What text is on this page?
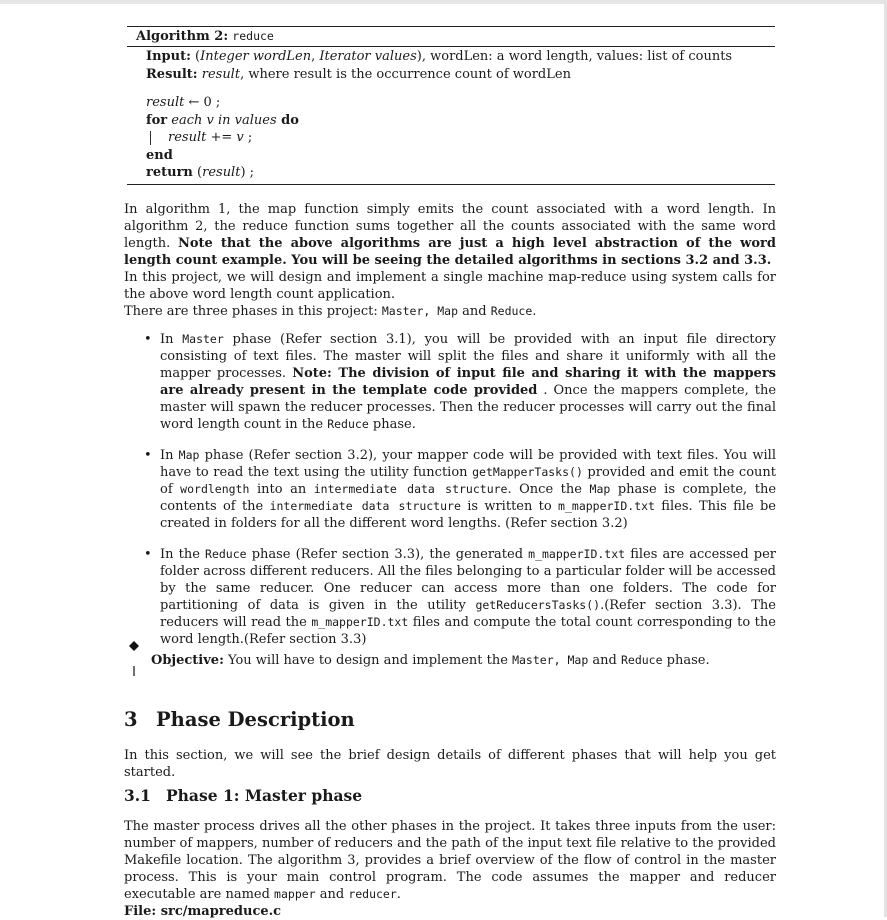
Algorithm 2: reduce
Input: (Integer wordLen, Iterator values), wordLen: a word length, values: list of counts
Result: result, where result is the occurrence count of wordLen
result ← 0 ;
for each v in values do
result += v ;
end
return (result) ;

In algorithm 1, the map function simply emits the count associated with a word length. In algorithm 2, the reduce function sums together all the counts associated with the same word length. Note that the above algorithms are just a high level abstraction of the word length count example. You will be seeing the detailed algorithms in sections 3.2 and 3.3.

In this project, we will design and implement a single machine map-reduce using system calls for the above word length count application.

There are three phases in this project: Master, Map and Reduce.

• In Master phase (Refer section 3.1), you will be provided with an input file directory consisting of text files. The master will split the files and share it uniformly with all the mapper processes. Note: The division of input file and sharing it with the mappers are already present in the template code provided . Once the mappers complete, the master will spawn the reducer processes. Then the reducer processes will carry out the final word length count in the Reduce phase.
• In Map phase (Refer section 3.2), your mapper code will be provided with text files. You will have to read the text using the utility function getMapperTasks() provided and emit the count of wordlength into an intermediate data structure. Once the Map phase is complete, the contents of the intermediate data structure is written to m_mapperID.txt files. This file be created in folders for all the different word lengths. (Refer section 3.2)
• In the Reduce phase (Refer section 3.3), the generated m_mapperID.txt files are accessed per folder across different reducers. All the files belonging to a particular folder will be accessed by the same reducer. One reducer can access more than one folders. The code for partitioning of data is given in the utility getReducersTasks().(Refer section 3.3). The reducers will read the m_mapperID.txt files and compute the total count corresponding to the word length.(Refer section 3.3)
Objective: You will have to design and implement the Master, Map and Reduce phase.
3 Phase Description

In this section, we will see the brief design details of different phases that will help you get started.

3.1 Phase 1: Master phase

The master process drives all the other phases in the project. It takes three inputs from the user: number of mappers, number of reducers and the path of the input text file relative to the provided Makefile location. The algorithm 3, provides a brief overview of the flow of control in the master process. This is your main control program. The code assumes the mapper and reducer executable are named mapper and reducer.

File: src/mapreduce.c
